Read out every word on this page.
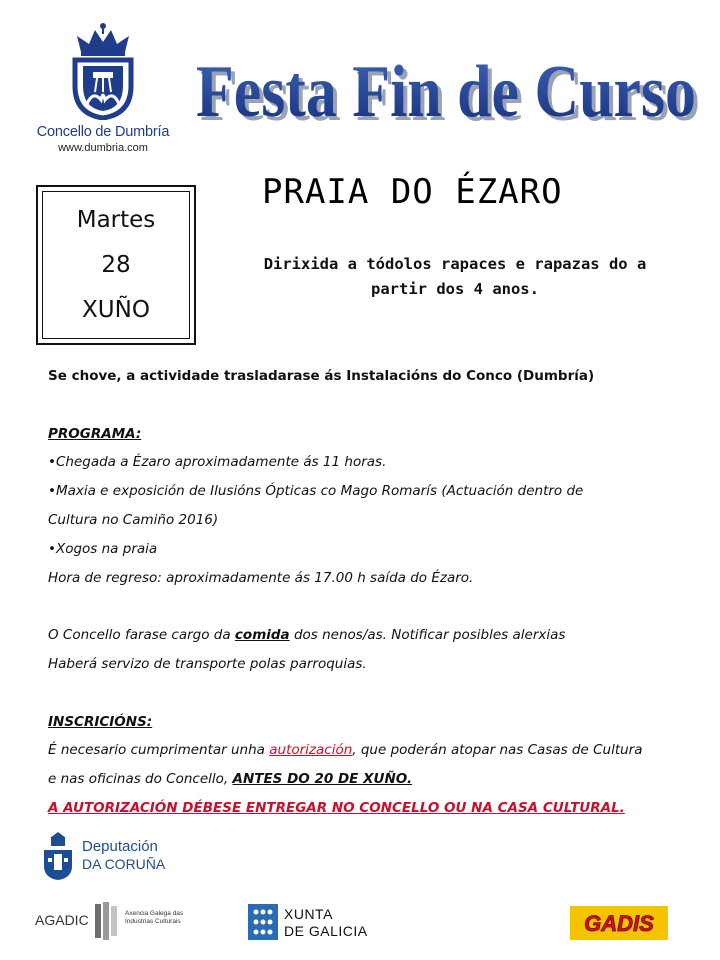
Concello de Dumbría
www.dumbria.com
Festa Fin de Curso
Festa Fin de Curso
Martes
28
XUÑO
PRAIA DO ÉZARO
Dirixida a tódolos rapaces e rapazas do a
partir dos 4 anos.
Se chove, a actividade trasladarase ás Instalacións do Conco (Dumbría)
PROGRAMA:
•Chegada a Ézaro aproximadamente ás 11 horas.
•Maxia e exposición de Ilusións Ópticas co Mago Romarís (Actuación dentro de
Cultura no Camiño 2016)
•Xogos na praia
Hora de regreso: aproximadamente ás 17.00 h saída do Ézaro.
O Concello farase cargo da comida dos nenos/as. Notificar posibles alerxias
Haberá servizo de transporte polas parroquias.
INSCRICIÓNS:
É necesario cumprimentar unha autorización, que poderán atopar nas Casas de Cultura
e nas oficinas do Concello, ANTES DO 20 DE XUÑO.
A AUTORIZACIÓN DÉBESE ENTREGAR NO CONCELLO OU NA CASA CULTURAL.
Deputación
DA CORUÑA
AGADIC	Axencia Galega das Industrias Culturais	XUNTA
DE GALICIA	GADIS
